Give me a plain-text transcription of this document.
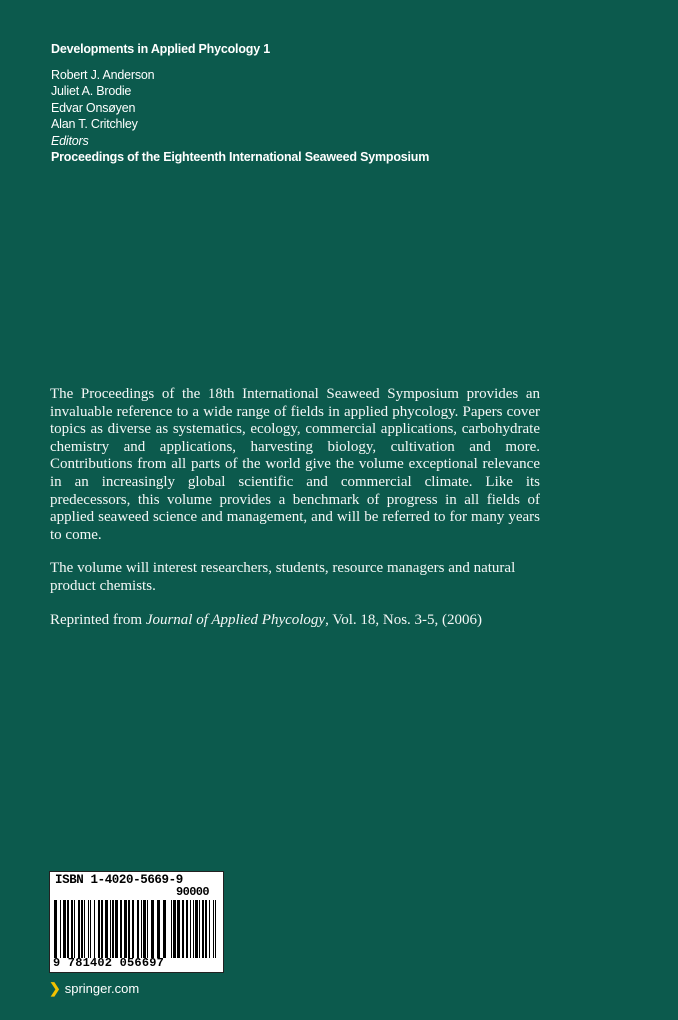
Developments in Applied Phycology 1
Robert J. Anderson
Juliet A. Brodie
Edvar Onsøyen
Alan T. Critchley
Editors
Proceedings of the Eighteenth International Seaweed Symposium

The Proceedings of the 18th International Seaweed Symposium provides an invaluable reference to a wide range of fields in applied phycology. Papers cover topics as diverse as systematics, ecology, commercial applications, carbohydrate chemistry and applications, harvesting biology, cultivation and more. Contributions from all parts of the world give the volume exceptional relevance in an increasingly global scientific and commercial climate. Like its predecessors, this volume provides a benchmark of progress in all fields of applied seaweed science and management, and will be referred to for many years to come.

The volume will interest researchers, students, resource managers and natural product chemists.

Reprinted from Journal of Applied Phycology, Vol. 18, Nos. 3-5, (2006)

ISBN 1-4020-5669-9
90000
9 781402 056697
❯ springer.com
